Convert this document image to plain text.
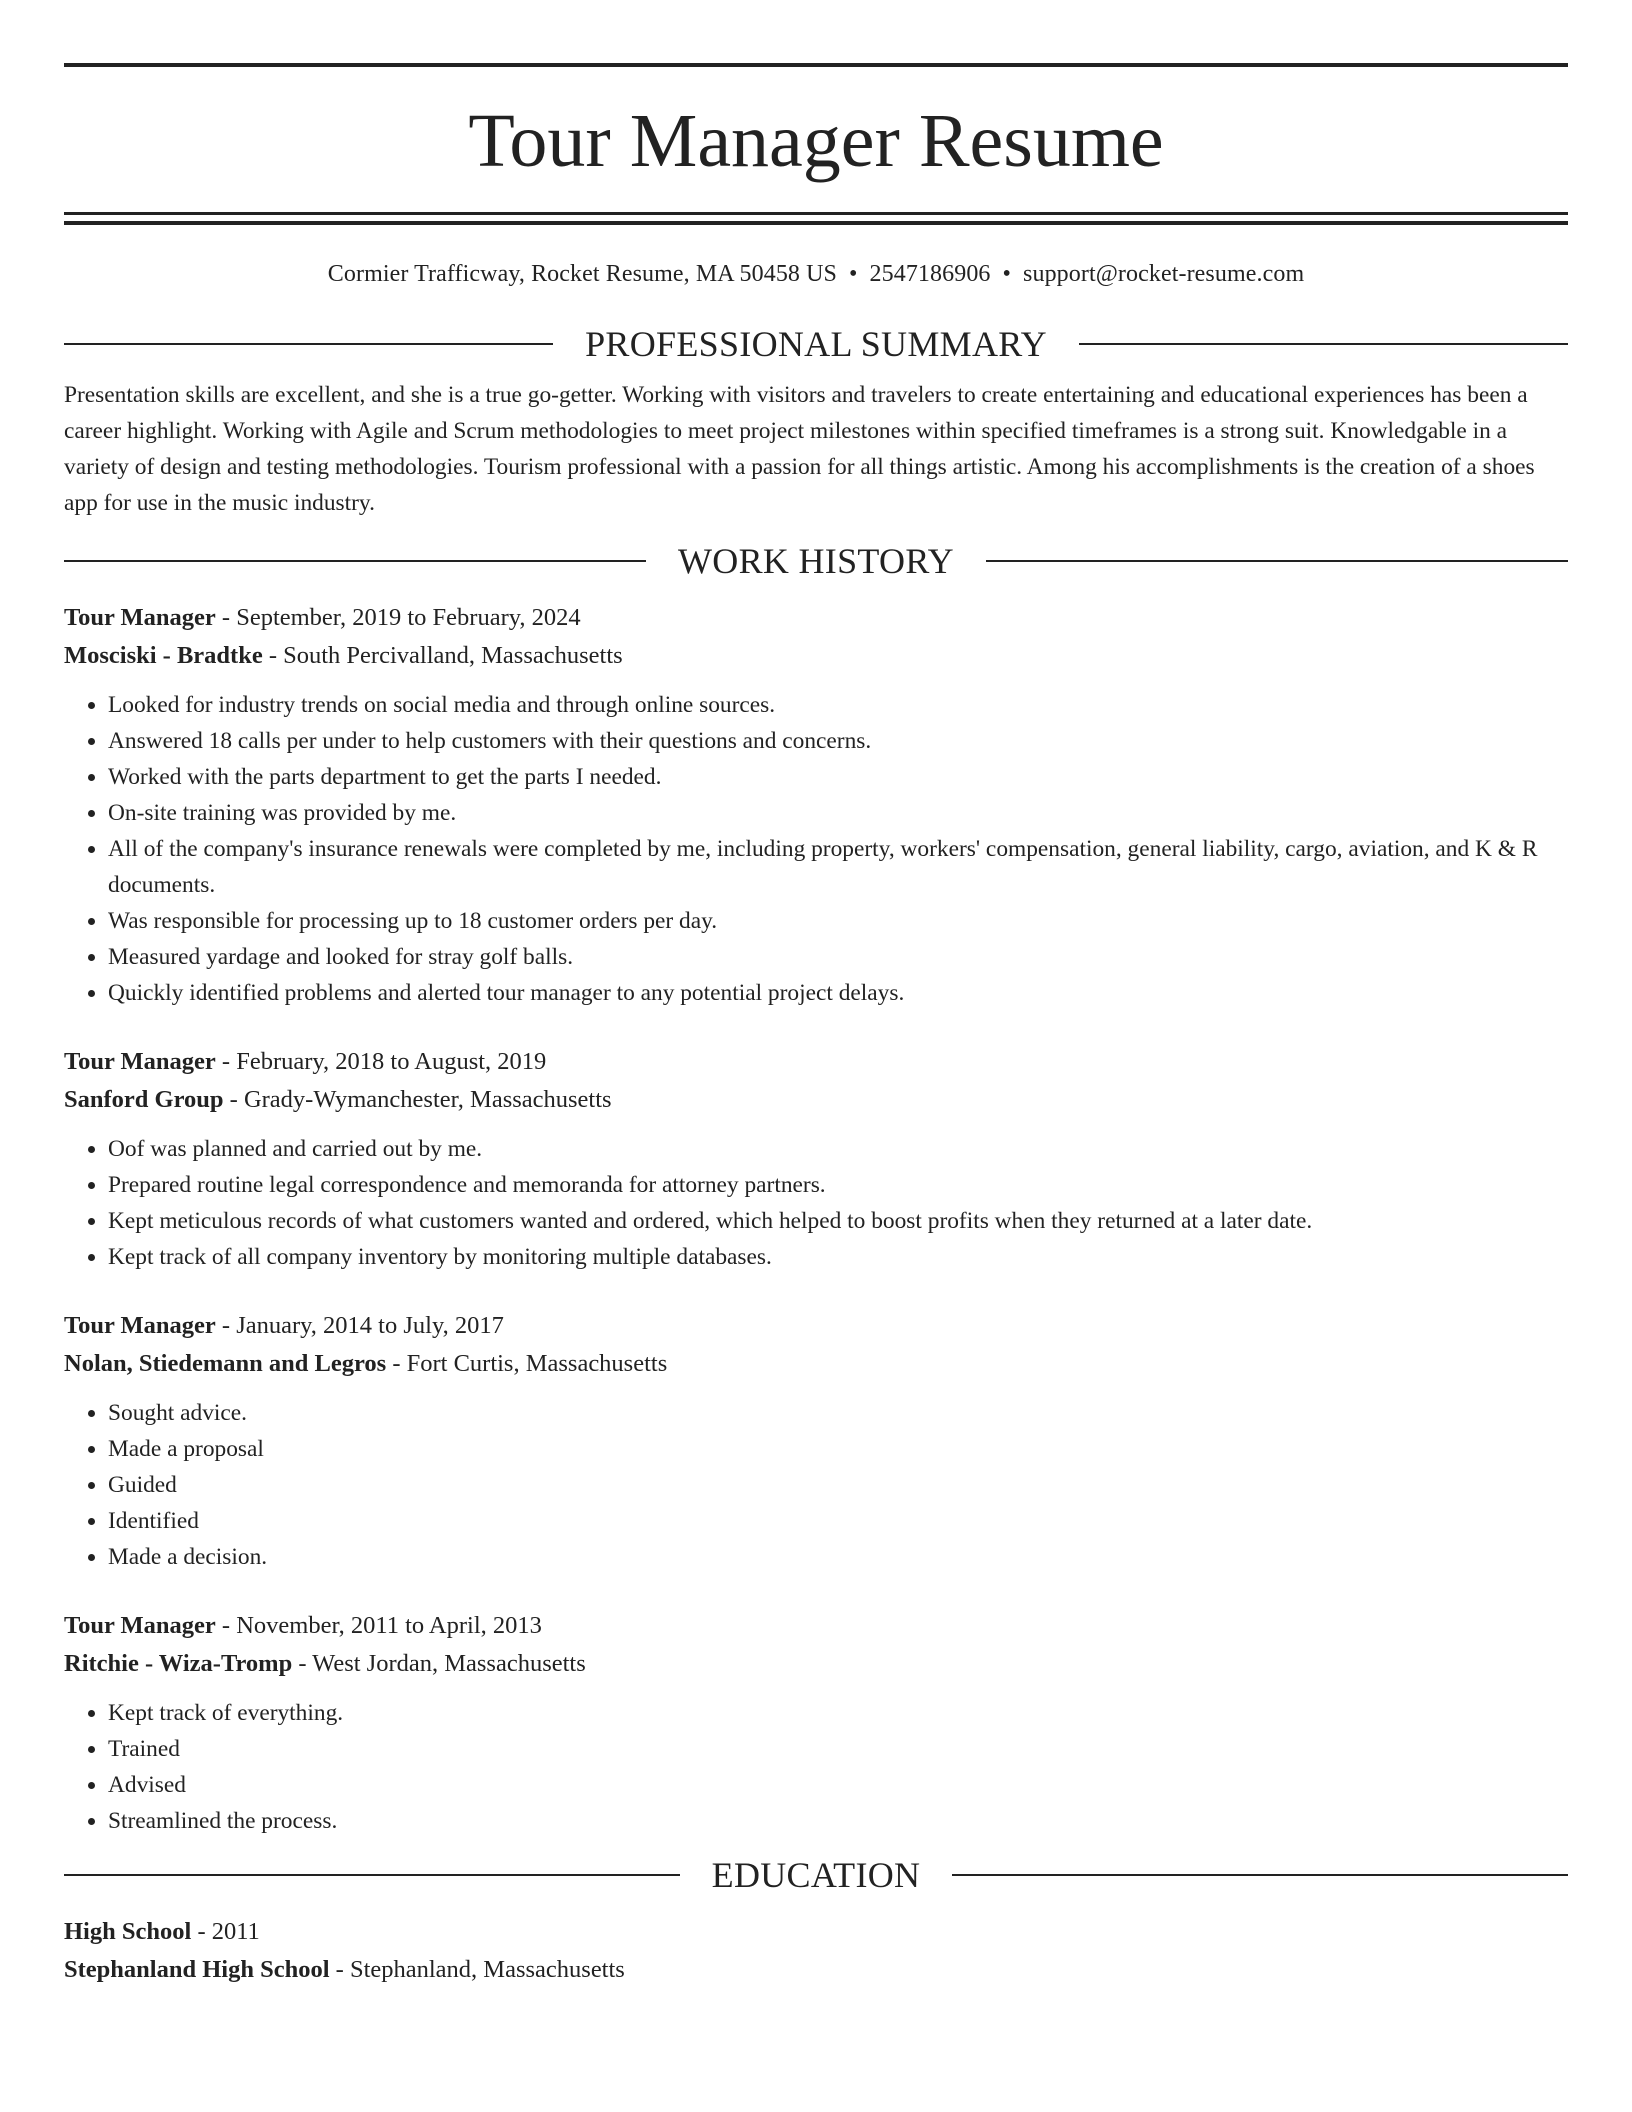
Tour Manager Resume
Cormier Trafficway, Rocket Resume, MA 50458 US • 2547186906 • support@rocket-resume.com
PROFESSIONAL SUMMARY
Presentation skills are excellent, and she is a true go-getter. Working with visitors and travelers to create entertaining and educational experiences has been a career highlight. Working with Agile and Scrum methodologies to meet project milestones within specified timeframes is a strong suit. Knowledgable in a variety of design and testing methodologies. Tourism professional with a passion for all things artistic. Among his accomplishments is the creation of a shoes app for use in the music industry.
WORK HISTORY
Tour Manager - September, 2019 to February, 2024
Mosciski - Bradtke - South Percivalland, Massachusetts
• Looked for industry trends on social media and through online sources.
• Answered 18 calls per under to help customers with their questions and concerns.
• Worked with the parts department to get the parts I needed.
• On-site training was provided by me.
• All of the company's insurance renewals were completed by me, including property, workers' compensation, general liability, cargo, aviation, and K & R documents.
• Was responsible for processing up to 18 customer orders per day.
• Measured yardage and looked for stray golf balls.
• Quickly identified problems and alerted tour manager to any potential project delays.
Tour Manager - February, 2018 to August, 2019
Sanford Group - Grady-Wymanchester, Massachusetts
• Oof was planned and carried out by me.
• Prepared routine legal correspondence and memoranda for attorney partners.
• Kept meticulous records of what customers wanted and ordered, which helped to boost profits when they returned at a later date.
• Kept track of all company inventory by monitoring multiple databases.
Tour Manager - January, 2014 to July, 2017
Nolan, Stiedemann and Legros - Fort Curtis, Massachusetts
• Sought advice.
• Made a proposal
• Guided
• Identified
• Made a decision.
Tour Manager - November, 2011 to April, 2013
Ritchie - Wiza-Tromp - West Jordan, Massachusetts
• Kept track of everything.
• Trained
• Advised
• Streamlined the process.
EDUCATION
High School - 2011
Stephanland High School - Stephanland, Massachusetts
